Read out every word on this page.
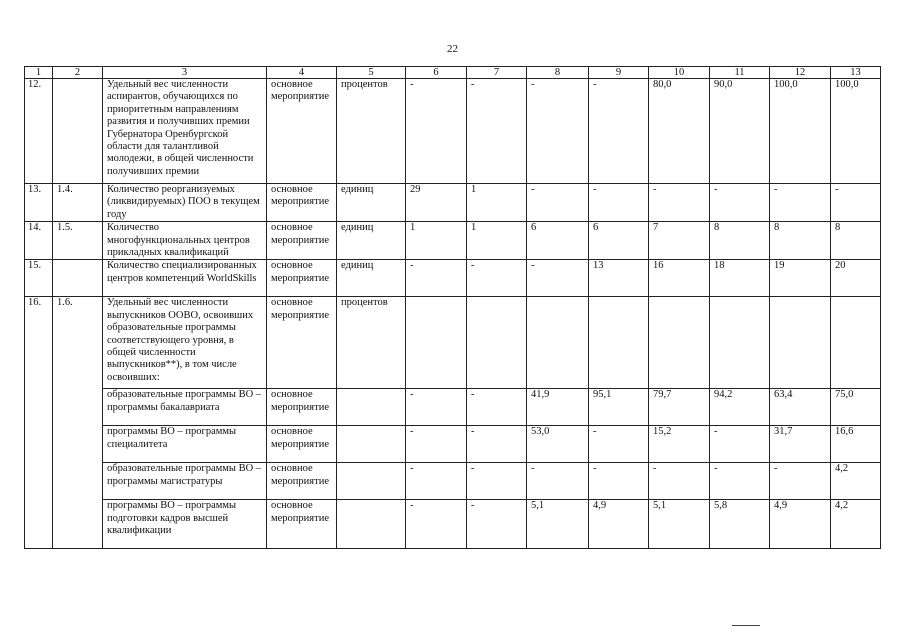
22
1	2	3	4	5	6	7	8	9	10	11	12	13
12.		Удельный вес численности аспирантов, обучающихся по приоритетным направлениям развития и получивших премии Губернатора Оренбургской области для талантливой молодежи, в общей численности получивших премии	основное мероприятие	процентов	-	-	-	-	80,0	90,0	100,0	100,0
13.	1.4.	Количество реорганизуемых (ликвидируемых) ПОО в текущем году	основное мероприятие	единиц	29	1	-	-	-	-	-	-
14.	1.5.	Количество многофункциональных центров прикладных квалификаций	основное мероприятие	единиц	1	1	6	6	7	8	8	8
15.		Количество специализированных центров компетенций WorldSkills	основное мероприятие	единиц	-	-	-	13	16	18	19	20
16.	1.6.	Удельный вес численности выпускников ООВО, освоивших образовательные программы соответствующего уровня, в общей численности выпускников**), в том числе освоивших:	основное мероприятие	процентов								
		образовательные программы ВО – программы бакалавриата	основное мероприятие		-	-	41,9	95,1	79,7	94,2	63,4	75,0
		программы ВО – программы специалитета	основное мероприятие		-	-	53,0	-	15,2	-	31,7	16,6
		образовательные программы ВО – программы магистратуры	основное мероприятие		-	-	-	-	-	-	-	4,2
		программы ВО – программы подготовки кадров высшей квалификации	основное мероприятие		-	-	5,1	4,9	5,1	5,8	4,9	4,2
